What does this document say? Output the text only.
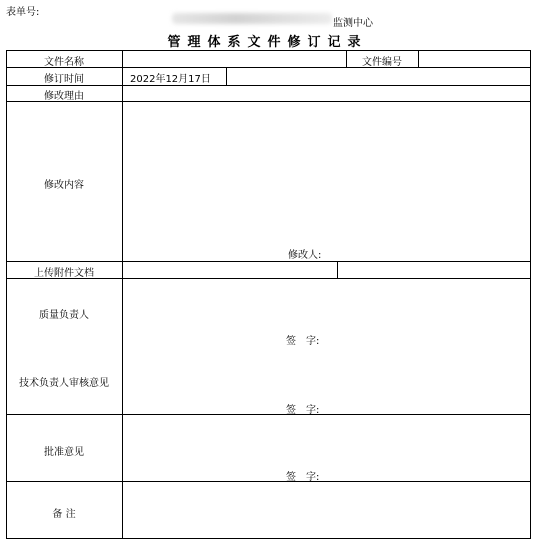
表单号:
监测中心
管理体系文件修订记录
文件名称	文件编号
修订时间	2022年12月17日
修改理由
修改内容
修改人:
上传附件文档
质量负责人
签　字:
技术负责人审核意见
签　字:
批准意见
签　字:
备 注
